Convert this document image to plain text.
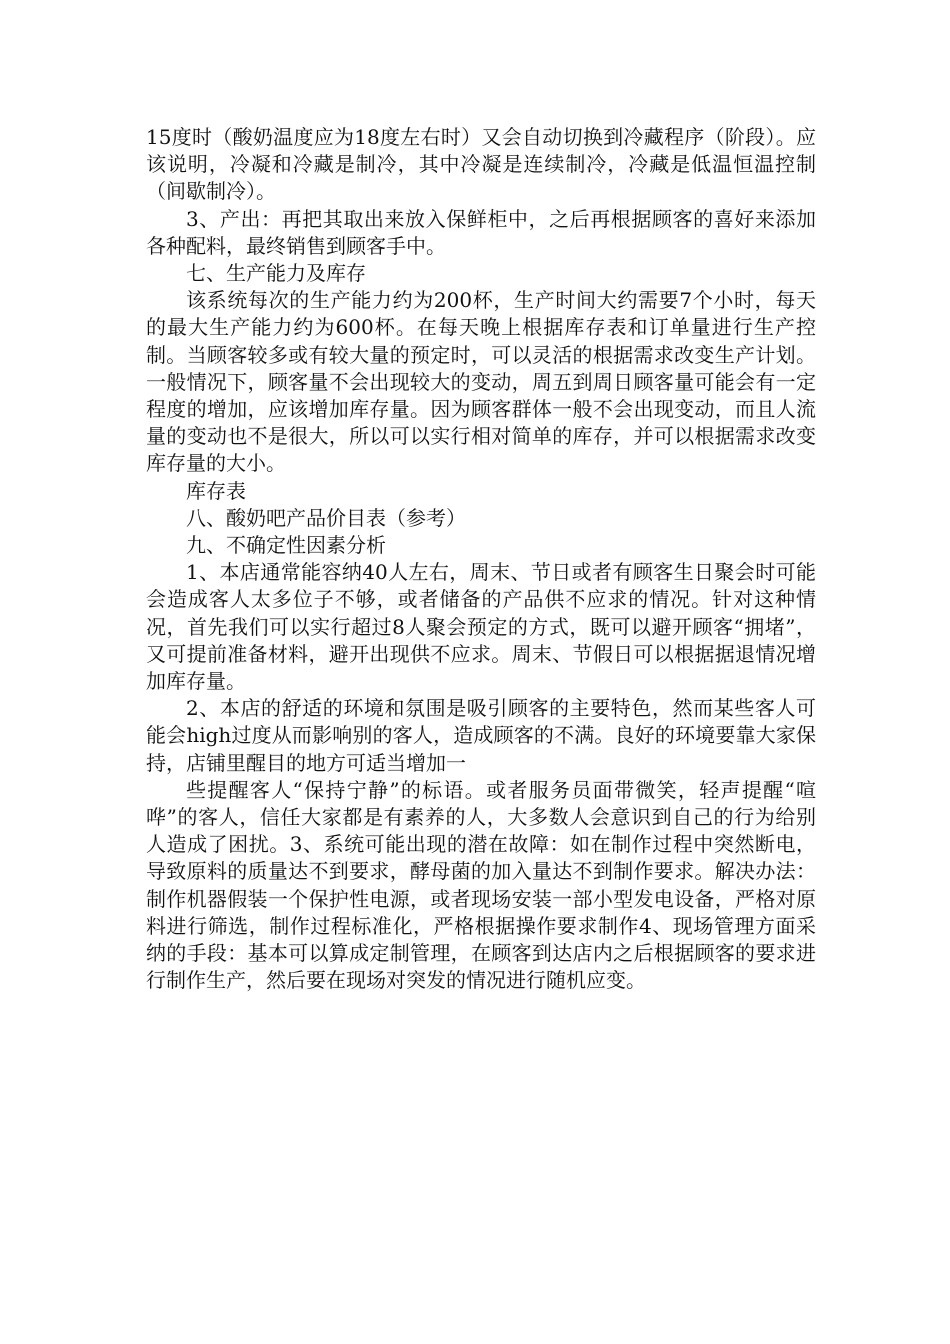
15度时（酸奶温度应为18度左右时）又会自动切换到冷藏程序（阶段）。应该说明，冷凝和冷藏是制冷，其中冷凝是连续制冷，冷藏是低温恒温控制（间歇制冷）。

3、产出：再把其取出来放入保鲜柜中，之后再根据顾客的喜好来添加各种配料，最终销售到顾客手中。

七、生产能力及库存

该系统每次的生产能力约为200杯，生产时间大约需要7个小时，每天的最大生产能力约为600杯。在每天晚上根据库存表和订单量进行生产控制。当顾客较多或有较大量的预定时，可以灵活的根据需求改变生产计划。一般情况下，顾客量不会出现较大的变动，周五到周日顾客量可能会有一定程度的增加，应该增加库存量。因为顾客群体一般不会出现变动，而且人流量的变动也不是很大，所以可以实行相对简单的库存，并可以根据需求改变库存量的大小。

库存表

八、酸奶吧产品价目表（参考）

九、不确定性因素分析

1、本店通常能容纳40人左右，周末、节日或者有顾客生日聚会时可能会造成客人太多位子不够，或者储备的产品供不应求的情况。针对这种情况，首先我们可以实行超过8人聚会预定的方式，既可以避开顾客“拥堵”，又可提前准备材料，避开出现供不应求。周末、节假日可以根据据退情况增加库存量。

2、本店的舒适的环境和氛围是吸引顾客的主要特色，然而某些客人可能会high过度从而影响别的客人，造成顾客的不满。良好的环境要靠大家保持，店铺里醒目的地方可适当增加一

些提醒客人“保持宁静”的标语。或者服务员面带微笑，轻声提醒“喧哗”的客人，信任大家都是有素养的人，大多数人会意识到自己的行为给别人造成了困扰。3、系统可能出现的潜在故障：如在制作过程中突然断电，导致原料的质量达不到要求，酵母菌的加入量达不到制作要求。解决办法：制作机器假装一个保护性电源，或者现场安装一部小型发电设备，严格对原料进行筛选，制作过程标准化，严格根据操作要求制作4、现场管理方面采纳的手段：基本可以算成定制管理，在顾客到达店内之后根据顾客的要求进行制作生产，然后要在现场对突发的情况进行随机应变。
